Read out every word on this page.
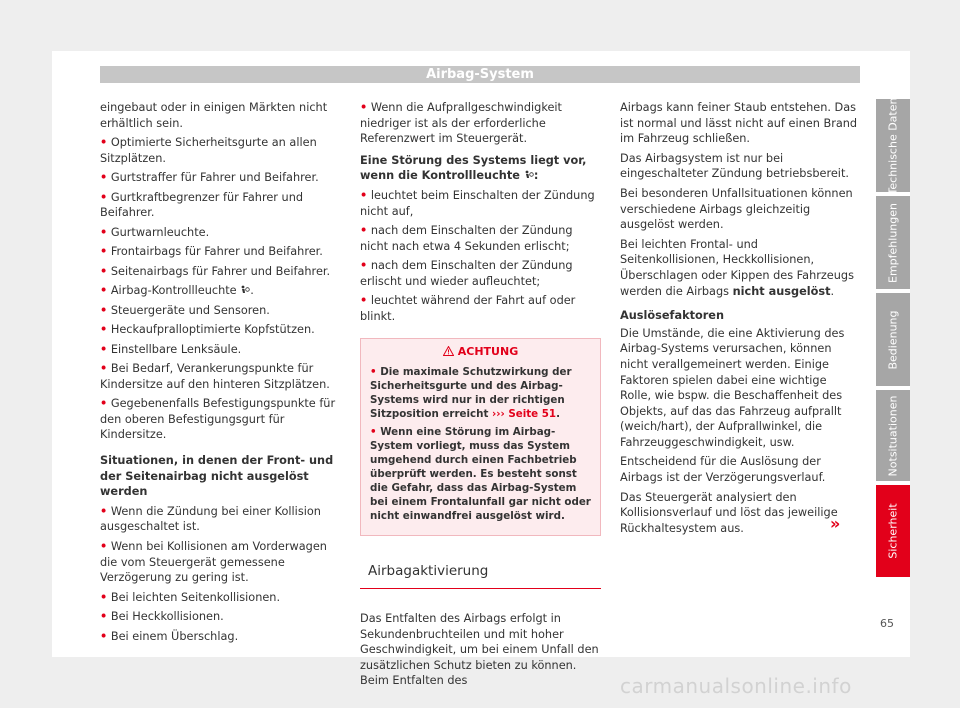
Airbag-System

eingebaut oder in einigen Märkten nicht erhältlich sein.

• Optimierte Sicherheitsgurte an allen Sitzplätzen.

• Gurtstraffer für Fahrer und Beifahrer.

• Gurtkraftbegrenzer für Fahrer und Beifahrer.

• Gurtwarnleuchte.

• Frontairbags für Fahrer und Beifahrer.

• Seitenairbags für Fahrer und Beifahrer.

• Airbag-Kontrollleuchte .

• Steuergeräte und Sensoren.

• Heckaufpralloptimierte Kopfstützen.

• Einstellbare Lenksäule.

• Bei Bedarf, Verankerungspunkte für Kindersitze auf den hinteren Sitzplätzen.

• Gegebenenfalls Befestigungspunkte für den oberen Befestigungsgurt für Kindersitze.

Situationen, in denen der Front- und der Seitenairbag nicht ausgelöst werden

• Wenn die Zündung bei einer Kollision ausgeschaltet ist.

• Wenn bei Kollisionen am Vorderwagen die vom Steuergerät gemessene Verzögerung zu gering ist.

• Bei leichten Seitenkollisionen.

• Bei Heckkollisionen.

• Bei einem Überschlag.

• Wenn die Aufprallgeschwindigkeit niedriger ist als der erforderliche Referenzwert im Steuergerät.

Eine Störung des Systems liegt vor, wenn die Kontrollleuchte :

• leuchtet beim Einschalten der Zündung nicht auf,

• nach dem Einschalten der Zündung nicht nach etwa 4 Sekunden erlischt;

• nach dem Einschalten der Zündung erlischt und wieder aufleuchtet;

• leuchtet während der Fahrt auf oder blinkt.

ACHTUNG

• Die maximale Schutzwirkung der Sicherheitsgurte und des Airbag-Systems wird nur in der richtigen Sitzposition erreicht ››› Seite 51.

• Wenn eine Störung im Airbag-System vorliegt, muss das System umgehend durch einen Fachbetrieb überprüft werden. Es besteht sonst die Gefahr, dass das Airbag-System bei einem Frontalunfall gar nicht oder nicht einwandfrei ausgelöst wird.

Airbagaktivierung

Das Entfalten des Airbags erfolgt in Sekundenbruchteilen und mit hoher Geschwindigkeit, um bei einem Unfall den zusätzlichen Schutz bieten zu können. Beim Entfalten des

Airbags kann feiner Staub entstehen. Das ist normal und lässt nicht auf einen Brand im Fahrzeug schließen.

Das Airbagsystem ist nur bei eingeschalteter Zündung betriebsbereit.

Bei besonderen Unfallsituationen können verschiedene Airbags gleichzeitig ausgelöst werden.

Bei leichten Frontal- und Seitenkollisionen, Heckkollisionen, Überschlagen oder Kippen des Fahrzeugs werden die Airbags nicht ausgelöst.

Auslösefaktoren

Die Umstände, die eine Aktivierung des Airbag-Systems verursachen, können nicht verallgemeinert werden. Einige Faktoren spielen dabei eine wichtige Rolle, wie bspw. die Beschaffenheit des Objekts, auf das das Fahrzeug aufprallt (weich/hart), der Aufprallwinkel, die Fahrzeuggeschwindigkeit, usw.

Entscheidend für die Auslösung der Airbags ist der Verzögerungsverlauf.

Das Steuergerät analysiert den Kollisionsverlauf und löst das jeweilige Rückhaltesystem aus.	»
Technische Daten
Empfehlungen
Bedienung
Notsituationen
Sicherheit
65
carmanualsonline.info
